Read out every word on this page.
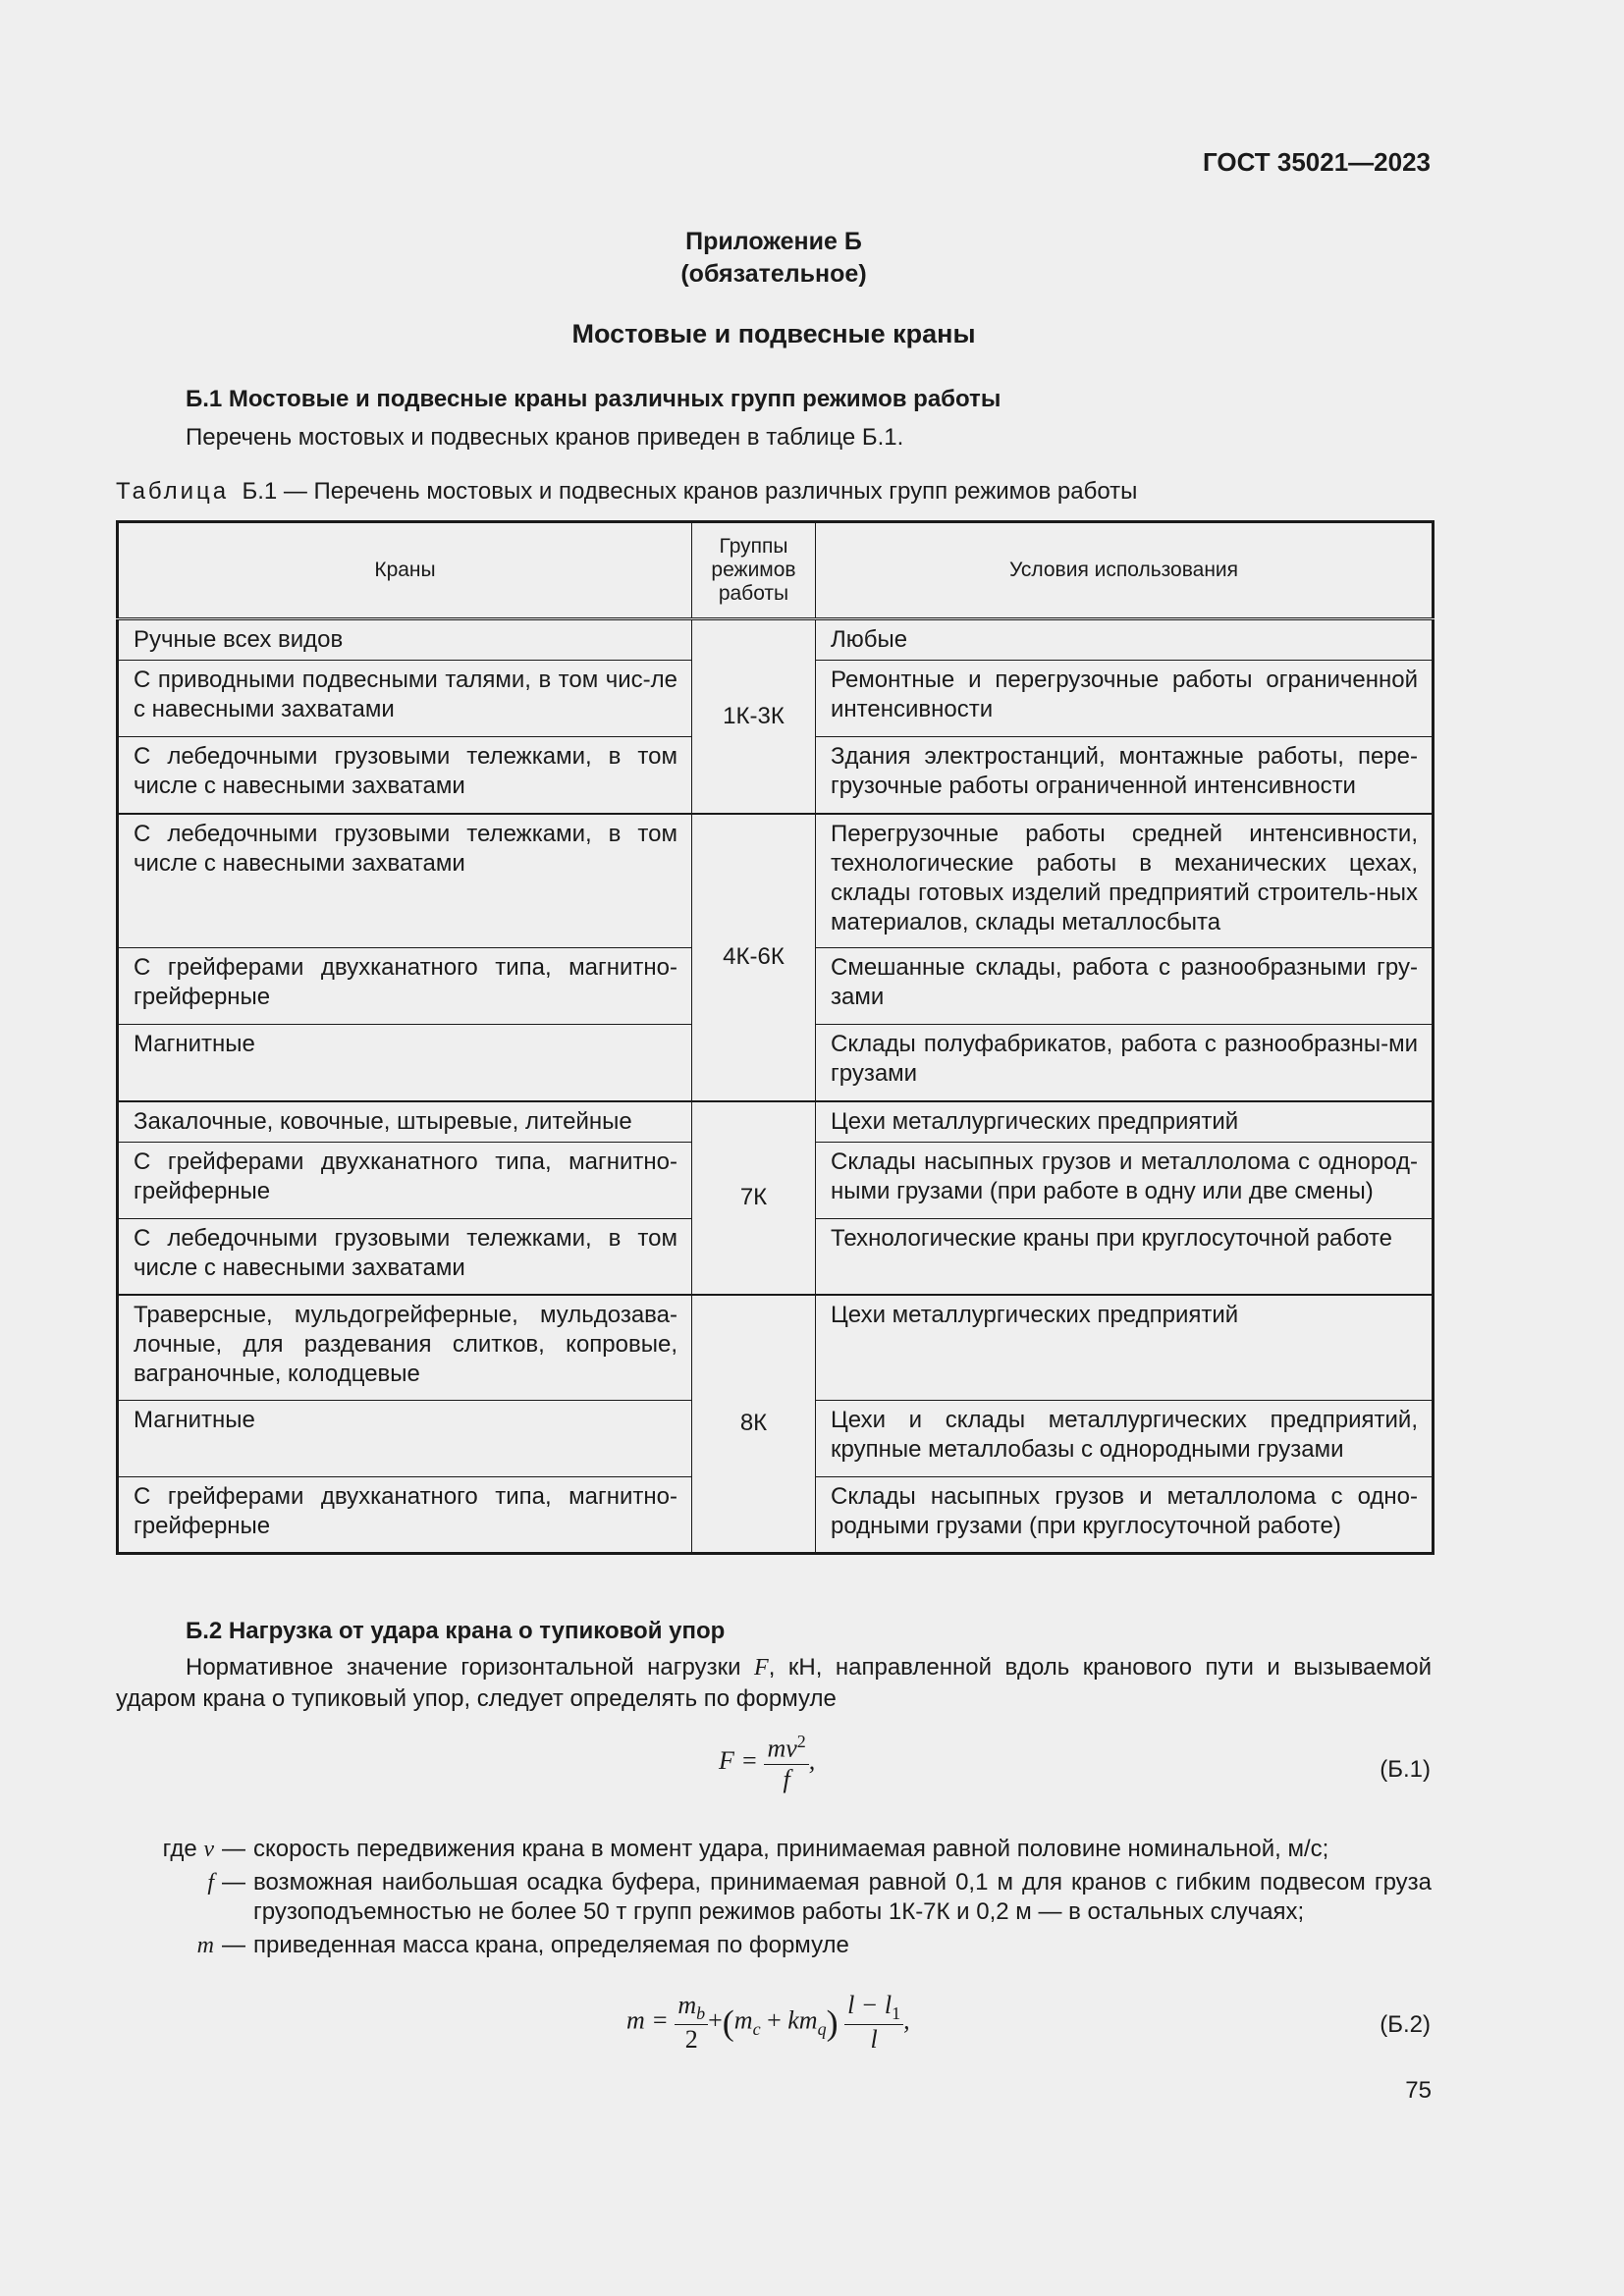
ГОСТ 35021—2023
Приложение Б
(обязательное)
Мостовые и подвесные краны
Б.1 Мостовые и подвесные краны различных групп режимов работы
Перечень мостовых и подвесных кранов приведен в таблице Б.1.
Таблица Б.1 — Перечень мостовых и подвесных кранов различных групп режимов работы
Краны	Группы режимов работы	Условия использования
Ручные всех видов	1К-3К	Любые
С приводными подвесными талями, в том чис-ле с навесными захватами		Ремонтные и перегрузочные работы ограниченной интенсивности
С лебедочными грузовыми тележками, в том числе с навесными захватами		Здания электростанций, монтажные работы, пере-грузочные работы ограниченной интенсивности
С лебедочными грузовыми тележками, в том числе с навесными захватами	4К-6К	Перегрузочные работы средней интенсивности, технологические работы в механических цехах, склады готовых изделий предприятий строитель-ных материалов, склады металлосбыта
С грейферами двухканатного типа, магнитно-грейферные		Смешанные склады, работа с разнообразными гру-зами
Магнитные		Склады полуфабрикатов, работа с разнообразны-ми грузами
Закалочные, ковочные, штыревые, литейные	7К	Цехи металлургических предприятий
С грейферами двухканатного типа, магнитно-грейферные		Склады насыпных грузов и металлолома с однород-ными грузами (при работе в одну или две смены)
С лебедочными грузовыми тележками, в том числе с навесными захватами		Технологические краны при круглосуточной работе
Траверсные, мульдогрейферные, мульдозава-лочные, для раздевания слитков, копровые, ваграночные, колодцевые	8К	Цехи металлургических предприятий
Магнитные		Цехи и склады металлургических предприятий, крупные металлобазы с однородными грузами
С грейферами двухканатного типа, магнитно-грейферные		Склады насыпных грузов и металлолома с одно-родными грузами (при круглосуточной работе)
Б.2 Нагрузка от удара крана о тупиковой упор
Нормативное значение горизонтальной нагрузки F, кН, направленной вдоль кранового пути и вызываемой ударом крана о тупиковый упор, следует определять по формуле
$F = \frac{mv^2}{f}$ ,	(Б.1)
где v — скорость передвижения крана в момент удара, принимаемая равной половине номинальной, м/с;
f — возможная наибольшая осадка буфера, принимаемая равной 0,1 м для кранов с гибким подвесом груза грузоподъемностью не более 50 т групп режимов работы 1К-7К и 0,2 м — в остальных случаях;
m — приведенная масса крана, определяемая по формуле
$m = \frac{m_b}{2} +(m_c + km_q) \frac{l - l_1}{l}$ ,	(Б.2)
75
